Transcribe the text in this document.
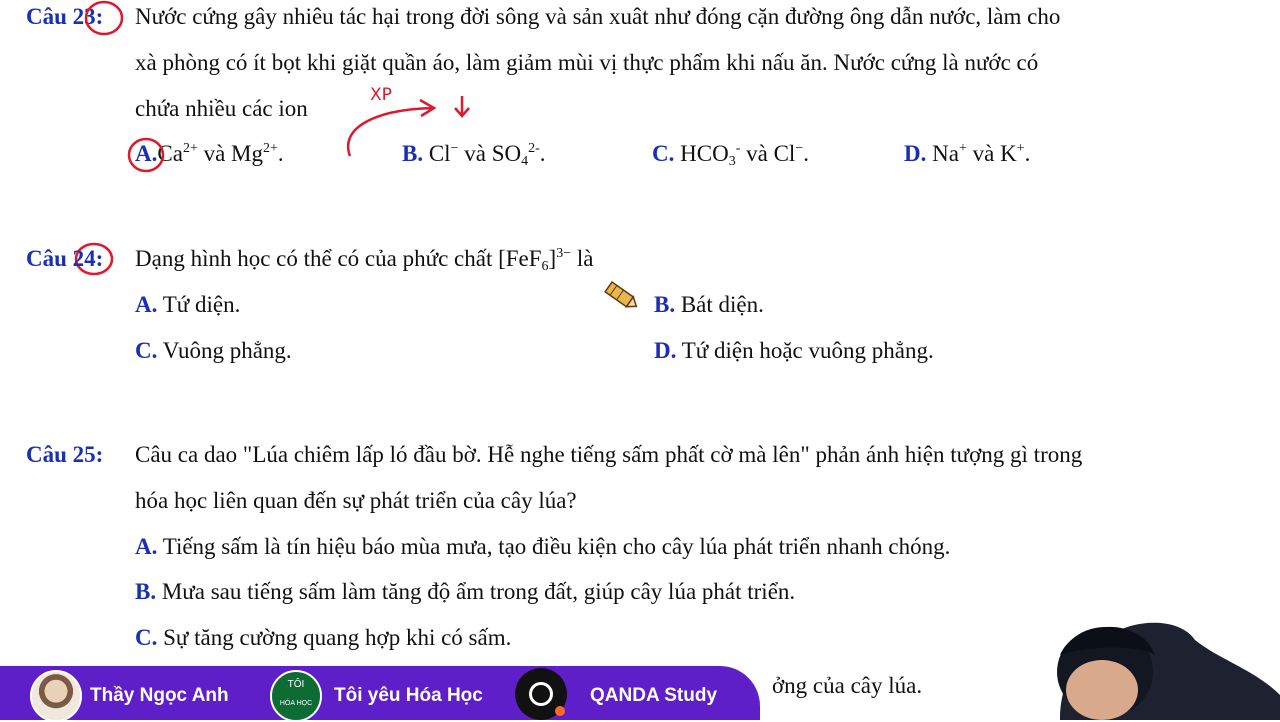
Câu 23: Nước cứng gây nhiêu tác hại trong đời sông và sản xuât như đóng cặn đường ông dẫn nước, làm cho
xà phòng có ít bọt khi giặt quần áo, làm giảm mùi vị thực phẩm khi nấu ăn. Nước cứng là nước có
chứa nhiều các ion
$A.Ca^{2+}$ và $Mg^{2+}$.	B. Cl− và $SO_4^{2-}$.	C. $HCO_3^-$ và Cl−.	D. Na+ và K+.
XP
Câu 24: Dạng hình học có thể có của phức chất $[FeF_6]^{3-}$ là
A. Tứ diện.	B. Bát diện.
C. Vuông phẳng.	D. Tứ diện hoặc vuông phẳng.
Câu 25: Câu ca dao "Lúa chiêm lấp ló đầu bờ. Hễ nghe tiếng sấm phất cờ mà lên" phản ánh hiện tượng gì trong
hóa học liên quan đến sự phát triển của cây lúa?
A. Tiếng sấm là tín hiệu báo mùa mưa, tạo điều kiện cho cây lúa phát triển nhanh chóng.
B. Mưa sau tiếng sấm làm tăng độ ẩm trong đất, giúp cây lúa phát triển.
C. Sự tăng cường quang hợp khi có sấm.
ởng của cây lúa.
Thầy Ngọc Anh
TÔI
HÓA HỌC	Tôi yêu Hóa Học	QANDA Study
